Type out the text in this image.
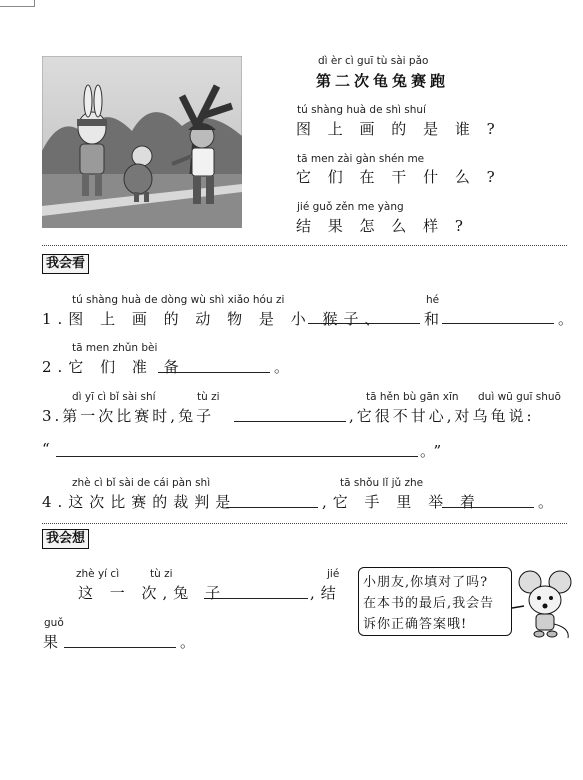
dì èr cì guī tù sài pǎo
第二次龟兔赛跑
tú shàng huà de shì shuí
图 上 画 的 是 谁 ?
tā men zài gàn shén me
它 们 在 干 什 么 ?
jié guǒ zěn me yàng
结 果 怎 么 样 ?
我会看
tú shàng huà de dòng wù shì xiǎo hóu zi	hé
1.图 上 画 的 动 物 是 小 猴子、	和	。
tā men zhǔn bèi
2.它 们 准 备	。
dì yī cì bǐ sài shí	tù zi	tā hěn bù gān xīn duì wū guī shuō
3.第一次比赛时,兔子	,它很不甘心,对乌龟说:
“	。”
zhè cì bǐ sài de cái pàn shì	tā shǒu lǐ jǔ zhe
4.这次比赛的裁判是	,它 手 里 举 着	。
我会想
zhè yí cì	tù zi	jié
这 一 次,兔 子	,结
guǒ
果	。
小朋友,你填对了吗?
在本书的最后,我会告
诉你正确答案哦!
